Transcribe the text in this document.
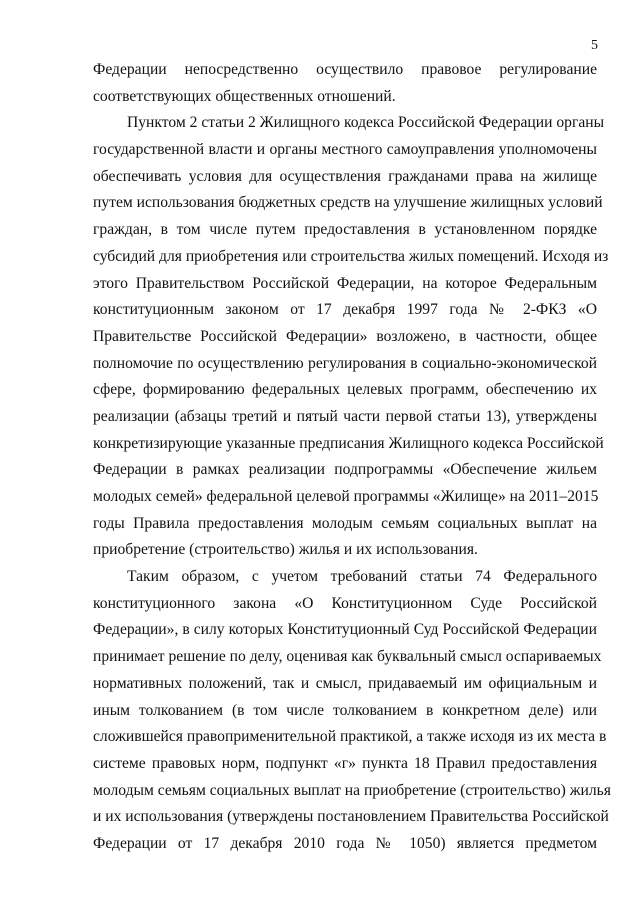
5
Федерации непосредственно осуществило правовое регулирование
соответствующих общественных отношений.
Пунктом 2 статьи 2 Жилищного кодекса Российской Федерации органы
государственной власти и органы местного самоуправления уполномочены
обеспечивать условия для осуществления гражданами права на жилище
путем использования бюджетных средств на улучшение жилищных условий
граждан, в том числе путем предоставления в установленном порядке
субсидий для приобретения или строительства жилых помещений. Исходя из
этого Правительством Российской Федерации, на которое Федеральным
конституционным законом от 17 декабря 1997 года № 2-ФКЗ «О
Правительстве Российской Федерации» возложено, в частности, общее
полномочие по осуществлению регулирования в социально-экономической
сфере, формированию федеральных целевых программ, обеспечению их
реализации (абзацы третий и пятый части первой статьи 13), утверждены
конкретизирующие указанные предписания Жилищного кодекса Российской
Федерации в рамках реализации подпрограммы «Обеспечение жильем
молодых семей» федеральной целевой программы «Жилище» на 2011–2015
годы Правила предоставления молодым семьям социальных выплат на
приобретение (строительство) жилья и их использования.
Таким образом, с учетом требований статьи 74 Федерального
конституционного закона «О Конституционном Суде Российской
Федерации», в силу которых Конституционный Суд Российской Федерации
принимает решение по делу, оценивая как буквальный смысл оспариваемых
нормативных положений, так и смысл, придаваемый им официальным и
иным толкованием (в том числе толкованием в конкретном деле) или
сложившейся правоприменительной практикой, а также исходя из их места в
системе правовых норм, подпункт «г» пункта 18 Правил предоставления
молодым семьям социальных выплат на приобретение (строительство) жилья
и их использования (утверждены постановлением Правительства Российской
Федерации от 17 декабря 2010 года № 1050) является предметом
